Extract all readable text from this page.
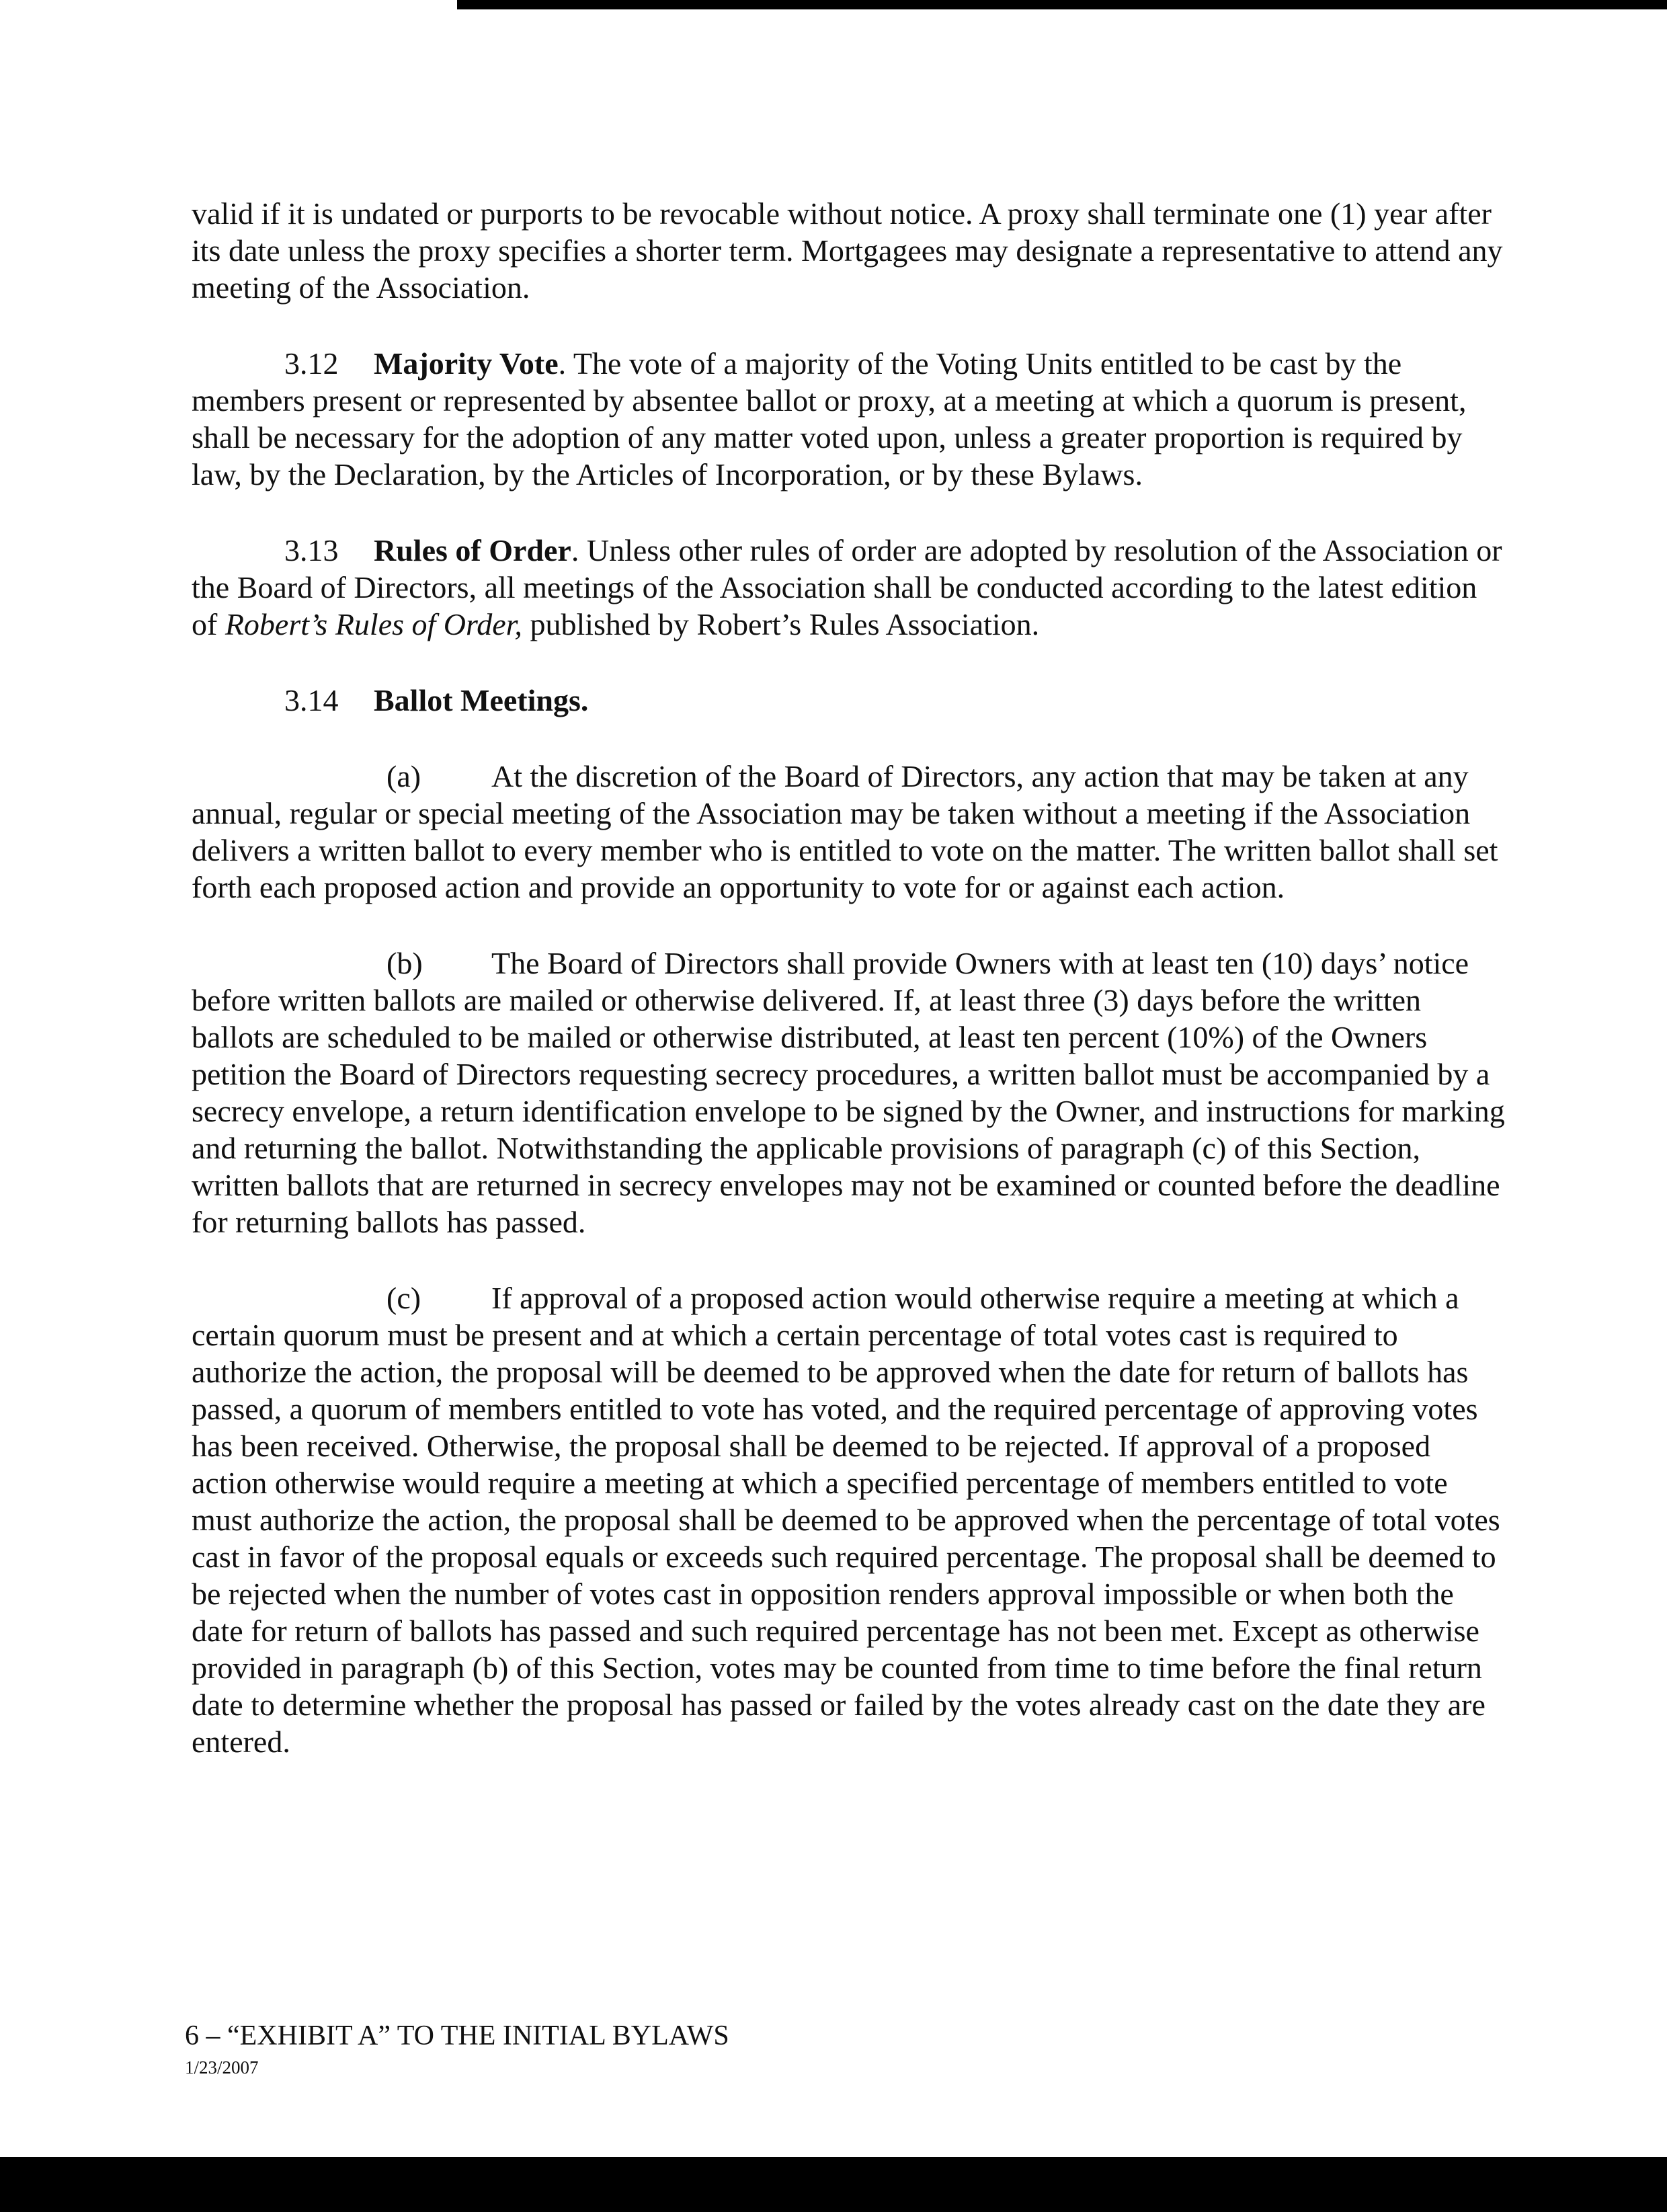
valid if it is undated or purports to be revocable without notice. A proxy shall terminate one (1) year after its date unless the proxy specifies a shorter term. Mortgagees may designate a representative to attend any meeting of the Association.

3.12 Majority Vote. The vote of a majority of the Voting Units entitled to be cast by the members present or represented by absentee ballot or proxy, at a meeting at which a quorum is present, shall be necessary for the adoption of any matter voted upon, unless a greater proportion is required by law, by the Declaration, by the Articles of Incorporation, or by these Bylaws.

3.13 Rules of Order. Unless other rules of order are adopted by resolution of the Association or the Board of Directors, all meetings of the Association shall be conducted according to the latest edition of Robert’s Rules of Order, published by Robert’s Rules Association.

3.14 Ballot Meetings.

(a) At the discretion of the Board of Directors, any action that may be taken at any annual, regular or special meeting of the Association may be taken without a meeting if the Association delivers a written ballot to every member who is entitled to vote on the matter. The written ballot shall set forth each proposed action and provide an opportunity to vote for or against each action.

(b) The Board of Directors shall provide Owners with at least ten (10) days’ notice before written ballots are mailed or otherwise delivered. If, at least three (3) days before the written ballots are scheduled to be mailed or otherwise distributed, at least ten percent (10%) of the Owners petition the Board of Directors requesting secrecy procedures, a written ballot must be accompanied by a secrecy envelope, a return identification envelope to be signed by the Owner, and instructions for marking and returning the ballot. Notwithstanding the applicable provisions of paragraph (c) of this Section, written ballots that are returned in secrecy envelopes may not be examined or counted before the deadline for returning ballots has passed.

(c) If approval of a proposed action would otherwise require a meeting at which a certain quorum must be present and at which a certain percentage of total votes cast is required to authorize the action, the proposal will be deemed to be approved when the date for return of ballots has passed, a quorum of members entitled to vote has voted, and the required percentage of approving votes has been received. Otherwise, the proposal shall be deemed to be rejected. If approval of a proposed action otherwise would require a meeting at which a specified percentage of members entitled to vote must authorize the action, the proposal shall be deemed to be approved when the percentage of total votes cast in favor of the proposal equals or exceeds such required percentage. The proposal shall be deemed to be rejected when the number of votes cast in opposition renders approval impossible or when both the date for return of ballots has passed and such required percentage has not been met. Except as otherwise provided in paragraph (b) of this Section, votes may be counted from time to time before the final return date to determine whether the proposal has passed or failed by the votes already cast on the date they are entered.

6 – “EXHIBIT A” TO THE INITIAL BYLAWS
1/23/2007
